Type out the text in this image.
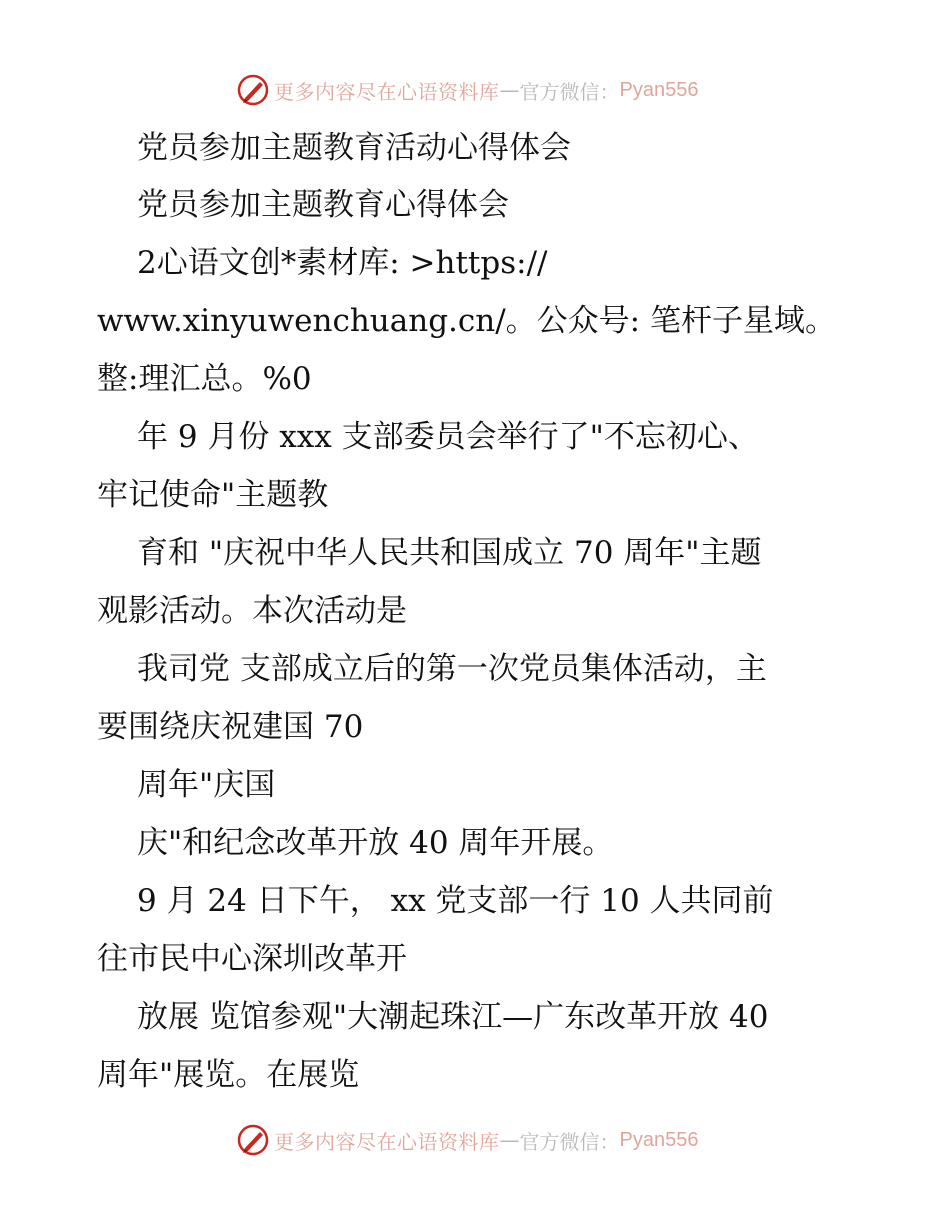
更多内容尽在心语资料库 — 官方微信： Pyan556
党员参加主题教育活动心得体会
党员参加主题教育心得体会
2心语文创*素材库: >https://
www.xinyuwenchuang.cn/。公众号: 笔杆子星域。
整:理汇总。%0
年 9 月份 xxx 支部委员会举行了"不忘初心、
牢记使命"主题教
育和 "庆祝中华人民共和国成立 70 周年"主题
观影活动。本次活动是
我司党 支部成立后的第一次党员集体活动，主
要围绕庆祝建国 70
周年"庆国
庆"和纪念改革开放 40 周年开展。
9 月 24 日下午， xx 党支部一行 10 人共同前
往市民中心深圳改革开
放展 览馆参观"大潮起珠江—广东改革开放 40
周年"展览。在展览
更多内容尽在心语资料库 — 官方微信： Pyan556
